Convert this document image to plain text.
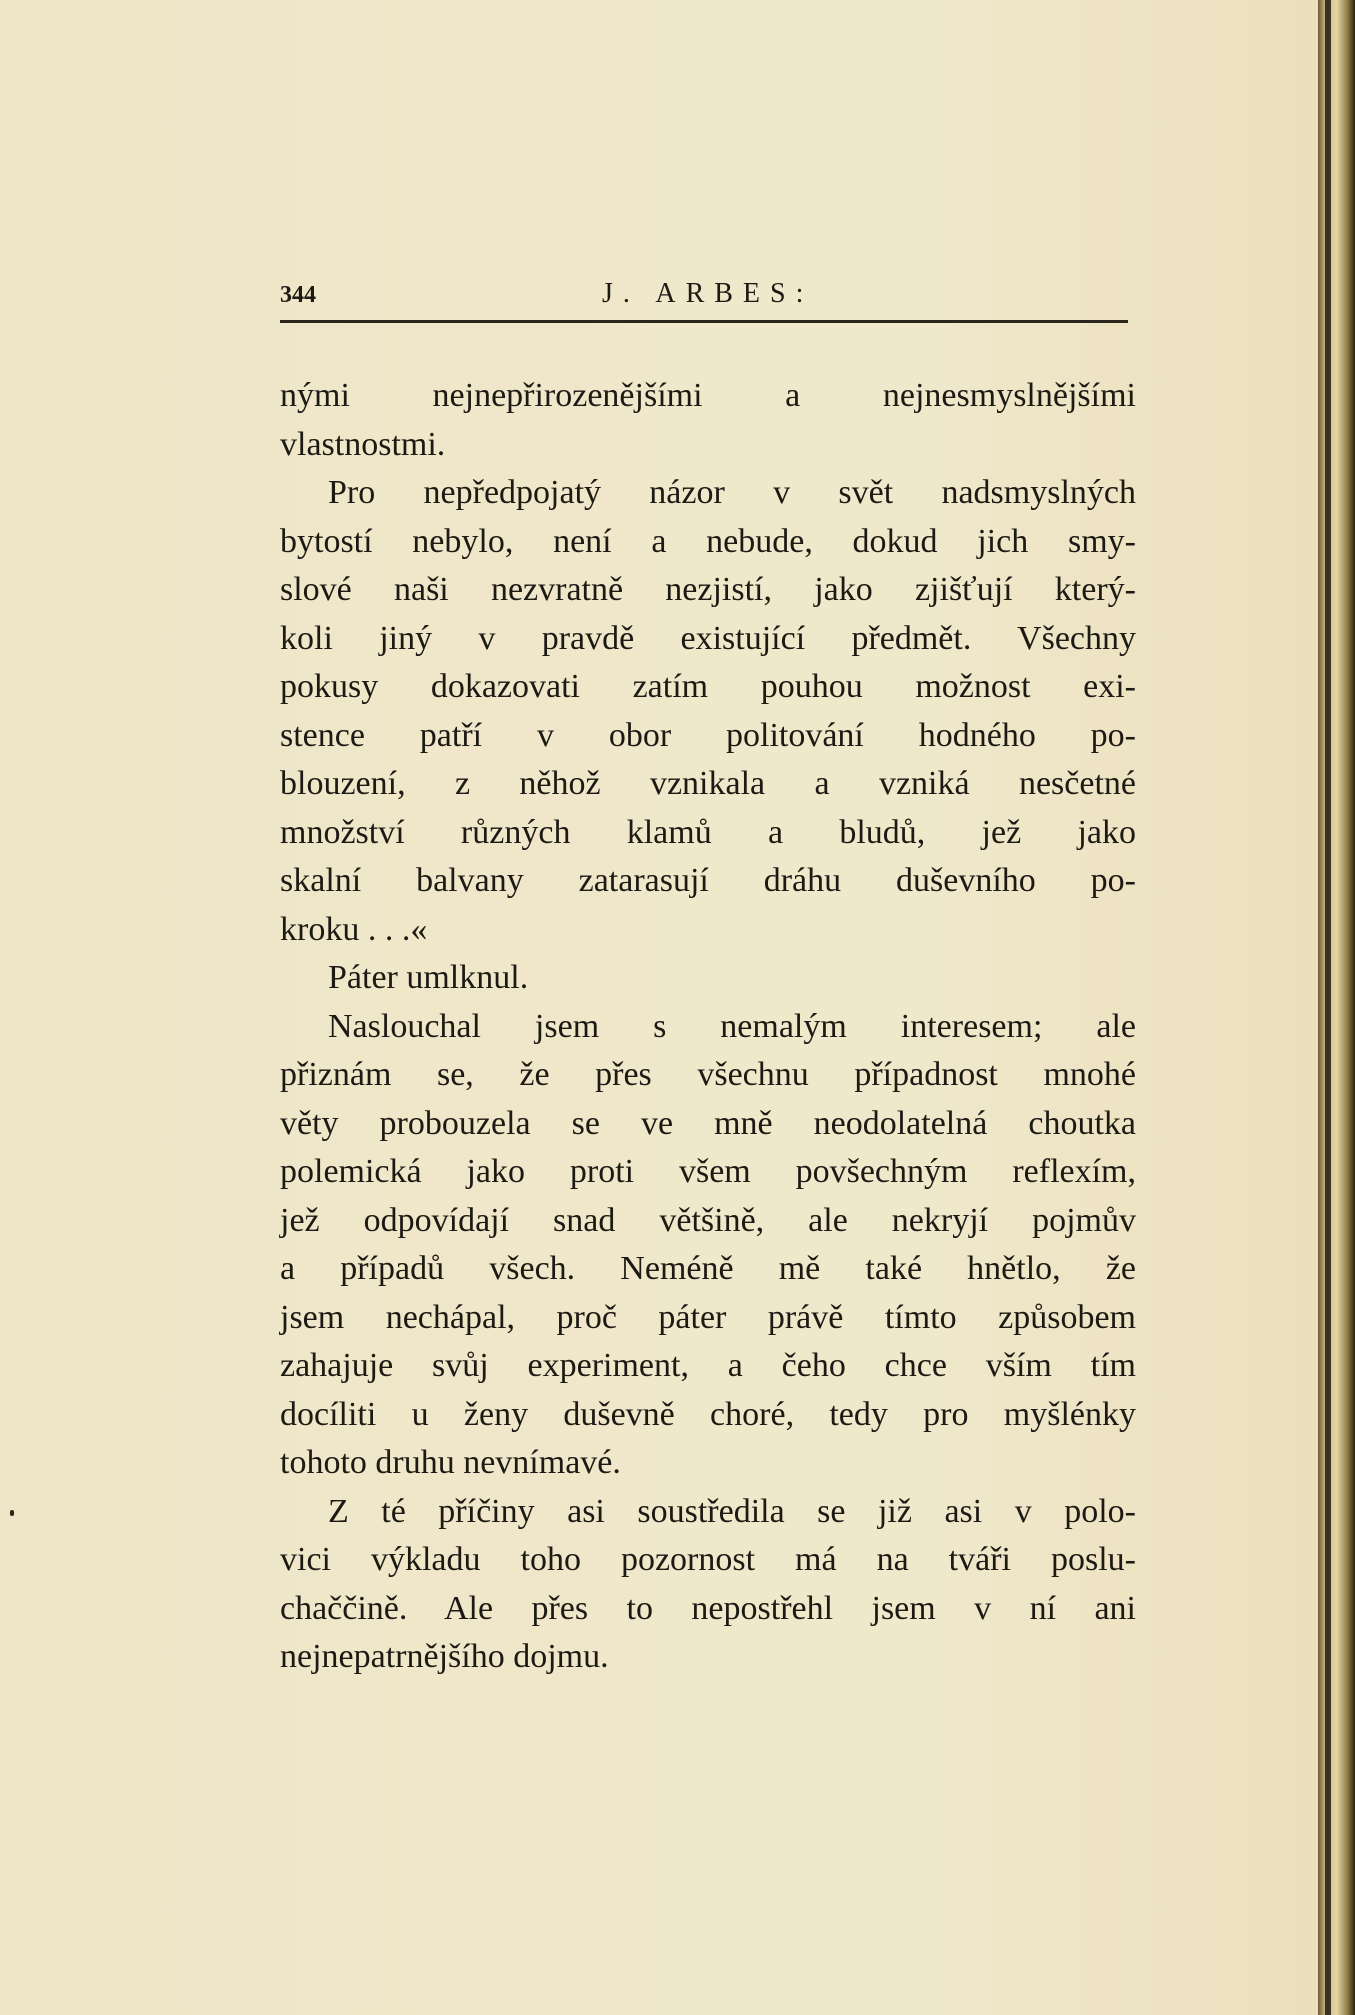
344	J. ARBES:
nými nejnepřirozenějšími a nejnesmyslnějšími
vlastnostmi.
Pro nepředpojatý názor v svět nadsmyslných
bytostí nebylo, není a nebude, dokud jich smy-
slové naši nezvratně nezjistí, jako zjišťují který-
koli jiný v pravdě existující předmět. Všechny
pokusy dokazovati zatím pouhou možnost exi-
stence patří v obor politování hodného po-
blouzení, z něhož vznikala a vzniká nesčetné
množství různých klamů a bludů, jež jako
skalní balvany zatarasují dráhu duševního po-
kroku . . .«
Páter umlknul.
Naslouchal jsem s nemalým interesem; ale
přiznám se, že přes všechnu případnost mnohé
věty probouzela se ve mně neodolatelná choutka
polemická jako proti všem povšechným reflexím,
jež odpovídají snad většině, ale nekryjí pojmův
a případů všech. Neméně mě také hnětlo, že
jsem nechápal, proč páter právě tímto způsobem
zahajuje svůj experiment, a čeho chce vším tím
docíliti u ženy duševně choré, tedy pro myšlénky
tohoto druhu nevnímavé.
Z té příčiny asi soustředila se již asi v polo-
vici výkladu toho pozornost má na tváři poslu-
chaččině. Ale přes to nepostřehl jsem v ní ani
nejnepatrnějšího dojmu.
